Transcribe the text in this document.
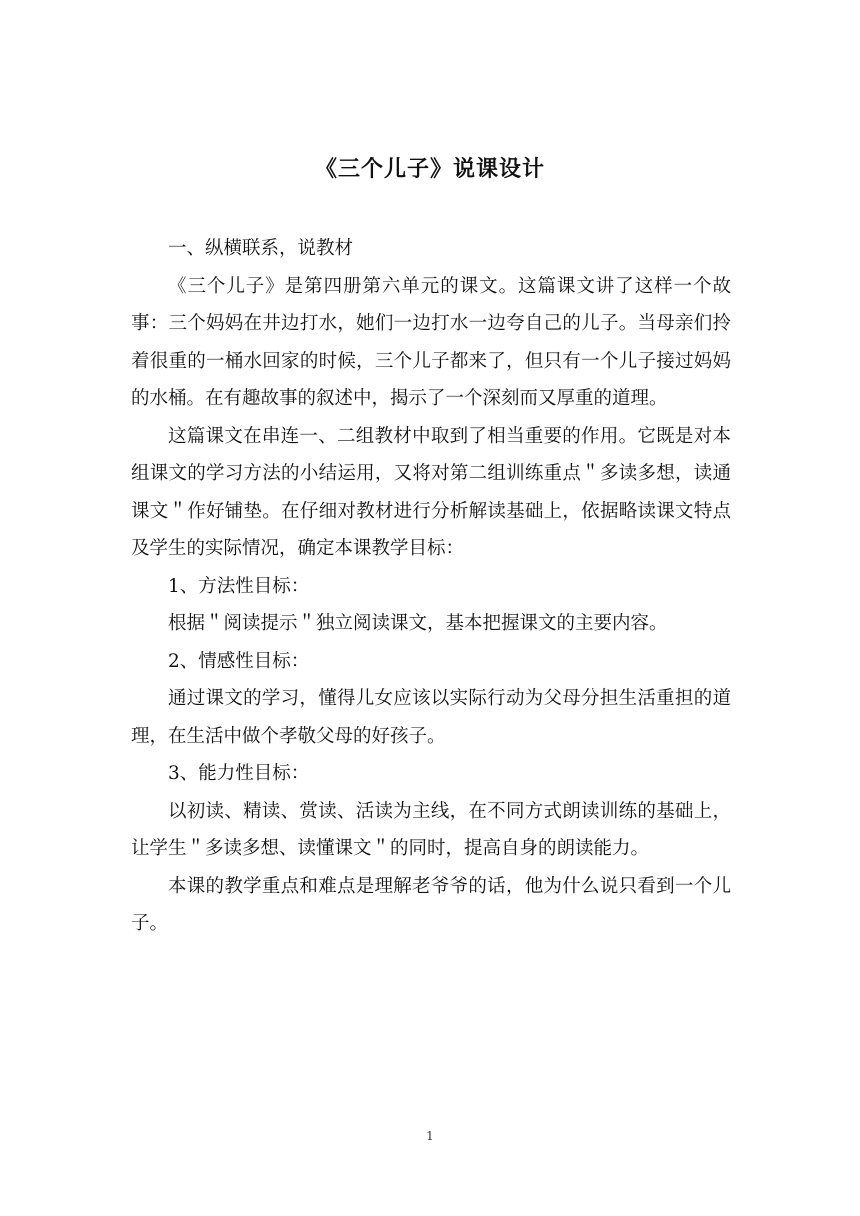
《三个儿子》说课设计

一、纵横联系，说教材

《三个儿子》是第四册第六单元的课文。这篇课文讲了这样一个故事：三个妈妈在井边打水，她们一边打水一边夸自己的儿子。当母亲们拎着很重的一桶水回家的时候，三个儿子都来了，但只有一个儿子接过妈妈的水桶。在有趣故事的叙述中，揭示了一个深刻而又厚重的道理。

这篇课文在串连一、二组教材中取到了相当重要的作用。它既是对本组课文的学习方法的小结运用，又将对第二组训练重点＂多读多想，读通课文＂作好铺垫。在仔细对教材进行分析解读基础上，依据略读课文特点及学生的实际情况，确定本课教学目标：

1、方法性目标：

根据＂阅读提示＂独立阅读课文，基本把握课文的主要内容。

2、情感性目标：

通过课文的学习，懂得儿女应该以实际行动为父母分担生活重担的道理，在生活中做个孝敬父母的好孩子。

3、能力性目标：

以初读、精读、赏读、活读为主线，在不同方式朗读训练的基础上，让学生＂多读多想、读懂课文＂的同时，提高自身的朗读能力。

本课的教学重点和难点是理解老爷爷的话，他为什么说只看到一个儿子。

1
